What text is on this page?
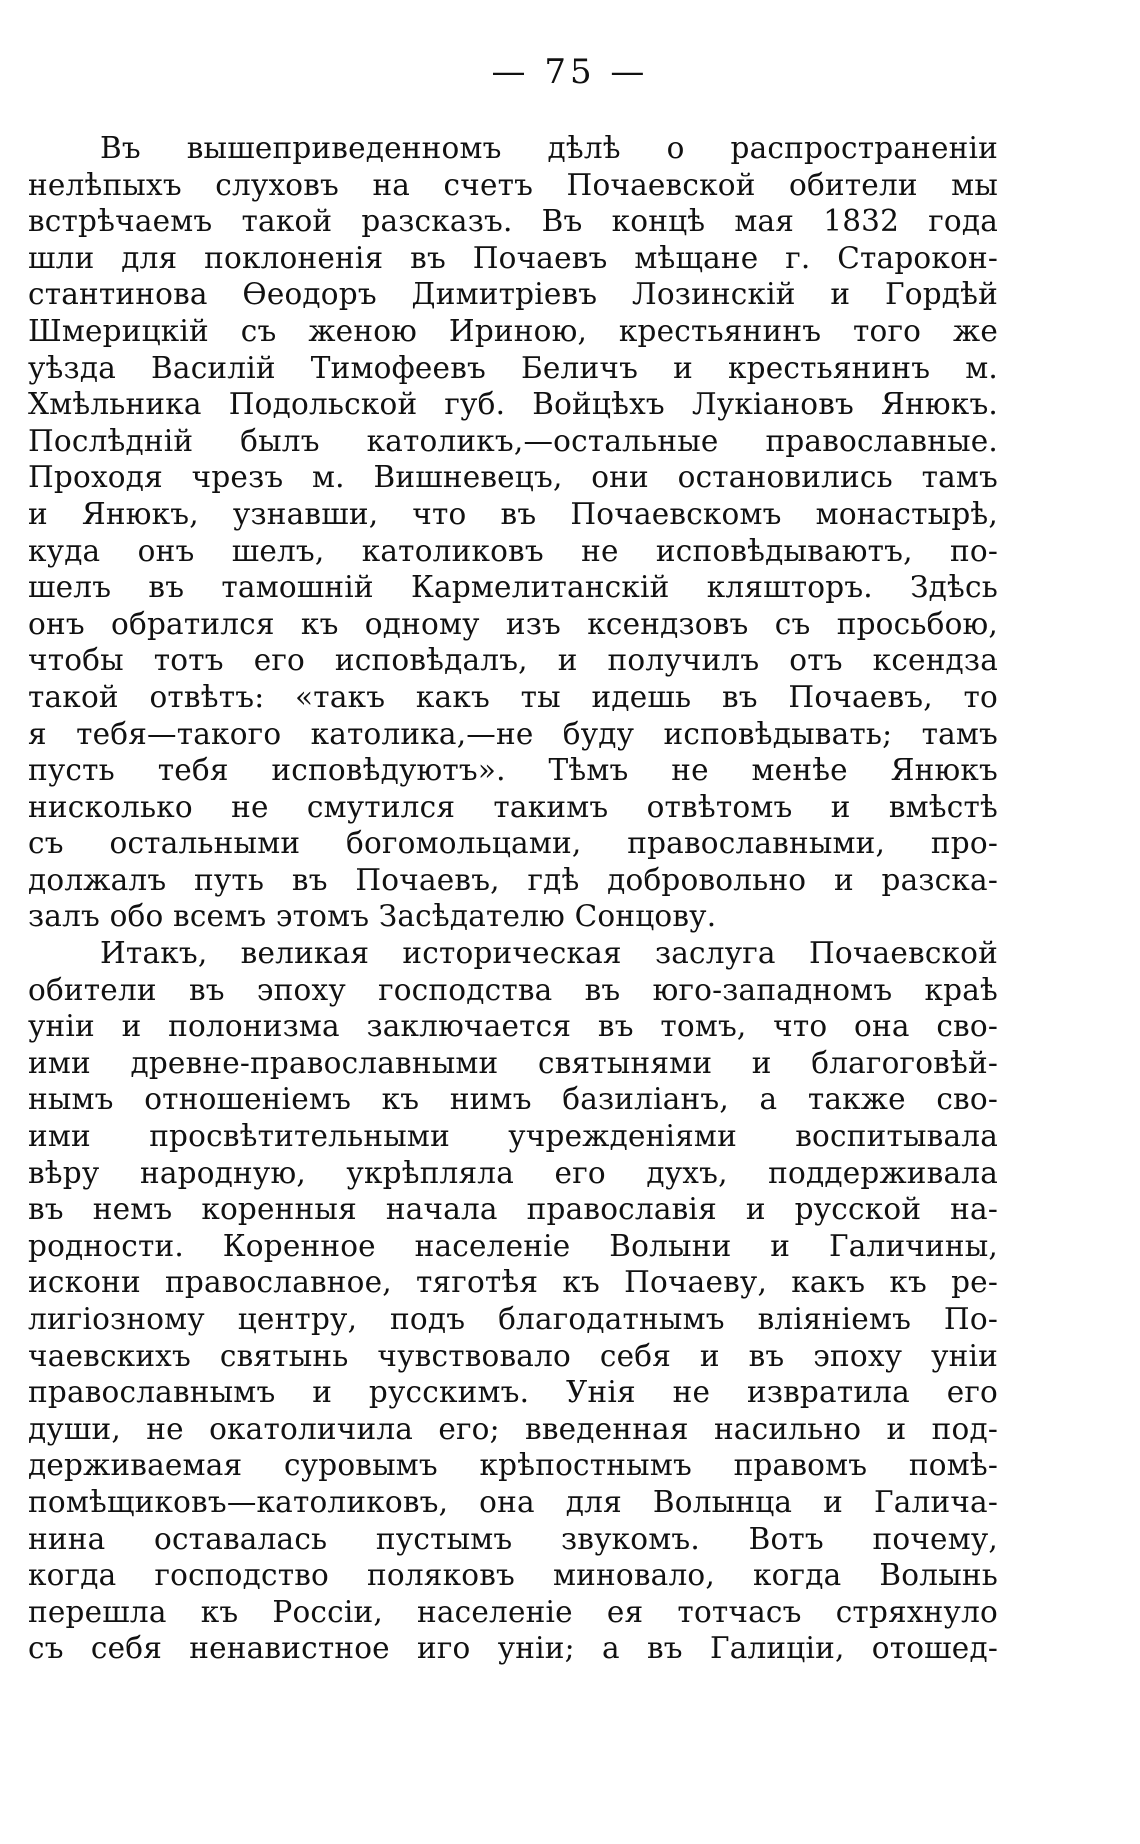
— 75 —
Въ вышеприведенномъ дѣлѣ о распространеніи
нелѣпыхъ слуховъ на счетъ Почаевской обители мы
встрѣчаемъ такой разсказъ. Въ концѣ мая 1832 года
шли для поклоненія въ Почаевъ мѣщане г. Старокон-
стантинова Ѳеодоръ Димитріевъ Лозинскій и Гордѣй
Шмерицкій съ женою Ириною, крестьянинъ того же
уѣзда Василій Тимофеевъ Беличъ и крестьянинъ м.
Хмѣльника Подольской губ. Войцѣхъ Лукіановъ Янюкъ.
Послѣдній былъ католикъ,—остальные православные.
Проходя чрезъ м. Вишневецъ, они остановились тамъ
и Янюкъ, узнавши, что въ Почаевскомъ монастырѣ,
куда онъ шелъ, католиковъ не исповѣдываютъ, по-
шелъ въ тамошній Кармелитанскій кляшторъ. Здѣсь
онъ обратился къ одному изъ ксендзовъ съ просьбою,
чтобы тотъ его исповѣдалъ, и получилъ отъ ксендза
такой отвѣтъ: «такъ какъ ты идешь въ Почаевъ, то
я тебя—такого католика,—не буду исповѣдывать; тамъ
пусть тебя исповѣдуютъ». Тѣмъ не менѣе Янюкъ
нисколько не смутился такимъ отвѣтомъ и вмѣстѣ
съ остальными богомольцами, православными, про-
должалъ путь въ Почаевъ, гдѣ добровольно и разска-
залъ обо всемъ этомъ Засѣдателю Сонцову.
Итакъ, великая историческая заслуга Почаевской
обители въ эпоху господства въ юго-западномъ краѣ
уніи и полонизма заключается въ томъ, что она сво-
ими древне-православными святынями и благоговѣй-
нымъ отношеніемъ къ нимъ базиліанъ, а также сво-
ими просвѣтительными учрежденіями воспитывала
вѣру народную, укрѣпляла его духъ, поддерживала
въ немъ коренныя начала православія и русской на-
родности. Коренное населеніе Волыни и Галичины,
искони православное, тяготѣя къ Почаеву, какъ къ ре-
лигіозному центру, подъ благодатнымъ вліяніемъ По-
чаевскихъ святынь чувствовало себя и въ эпоху уніи
православнымъ и русскимъ. Унія не извратила его
души, не окатоличила его; введенная насильно и под-
держиваемая суровымъ крѣпостнымъ правомъ помѣ-
помѣщиковъ—католиковъ, она для Волынца и Галича-
нина оставалась пустымъ звукомъ. Вотъ почему,
когда господство поляковъ миновало, когда Волынь
перешла къ Россіи, населеніе ея тотчасъ стряхнуло
съ себя ненавистное иго уніи; а въ Галиціи, отошед-
